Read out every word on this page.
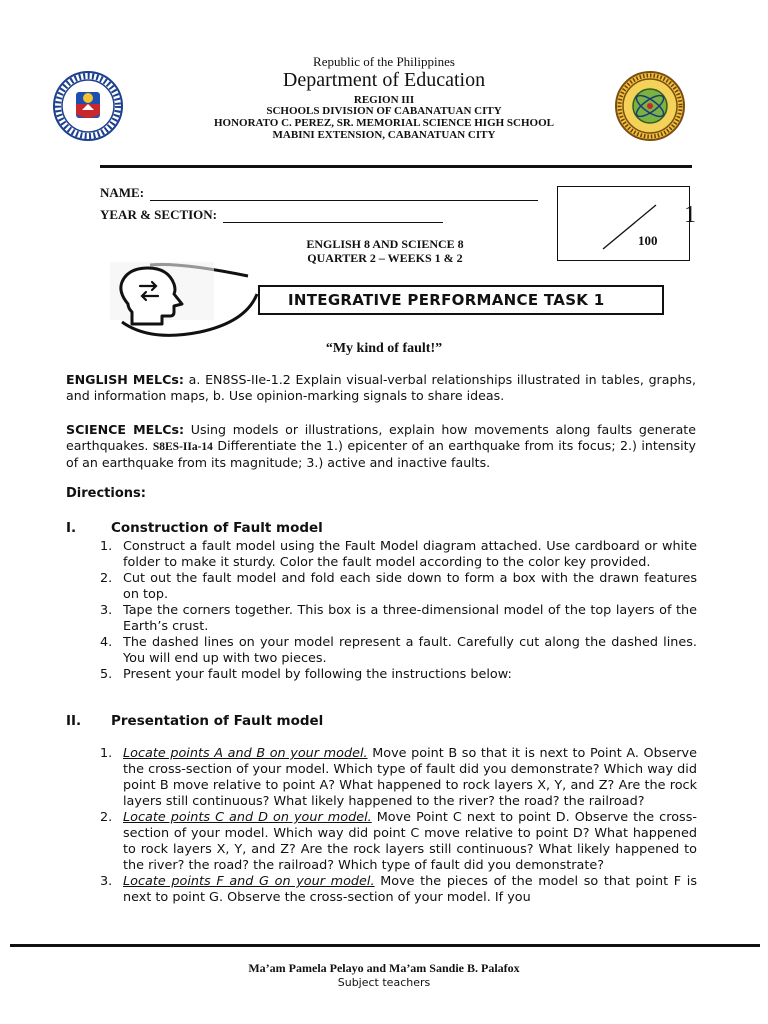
Republic of the Philippines
Department of Education
REGION III
SCHOOLS DIVISION OF CABANATUAN CITY
HONORATO C. PEREZ, SR. MEMORIAL SCIENCE HIGH SCHOOL
MABINI EXTENSION, CABANATUAN CITY
NAME:
YEAR & SECTION:
100
1
ENGLISH 8 AND SCIENCE 8
QUARTER 2 – WEEKS 1 & 2
INTEGRATIVE PERFORMANCE TASK 1
“My kind of fault!”
ENGLISH MELCs: a. EN8SS-IIe-1.2 Explain visual-verbal relationships illustrated in tables, graphs, and information maps, b. Use opinion-marking signals to share ideas.
SCIENCE MELCs: Using models or illustrations, explain how movements along faults generate earthquakes. S8ES-IIa-14 Differentiate the 1.) epicenter of an earthquake from its focus; 2.) intensity of an earthquake from its magnitude; 3.) active and inactive faults.
Directions:
I.	Construction of Fault model
1. Construct a fault model using the Fault Model diagram attached. Use cardboard or white folder to make it sturdy. Color the fault model according to the color key provided.
2. Cut out the fault model and fold each side down to form a box with the drawn features on top.
3. Tape the corners together. This box is a three-dimensional model of the top layers of the Earth’s crust.
4. The dashed lines on your model represent a fault. Carefully cut along the dashed lines. You will end up with two pieces.
5. Present your fault model by following the instructions below:
II. Presentation of Fault model
1. Locate points A and B on your model. Move point B so that it is next to Point A. Observe the cross-section of your model. Which type of fault did you demonstrate? Which way did point B move relative to point A? What happened to rock layers X, Y, and Z? Are the rock layers still continuous? What likely happened to the river? the road? the railroad?
2. Locate points C and D on your model. Move Point C next to point D. Observe the cross-section of your model. Which way did point C move relative to point D? What happened to rock layers X, Y, and Z? Are the rock layers still continuous? What likely happened to the river? the road? the railroad? Which type of fault did you demonstrate?
3. Locate points F and G on your model. Move the pieces of the model so that point F is next to point G. Observe the cross-section of your model. If you
Ma’am Pamela Pelayo and Ma’am Sandie B. Palafox
Subject teachers
